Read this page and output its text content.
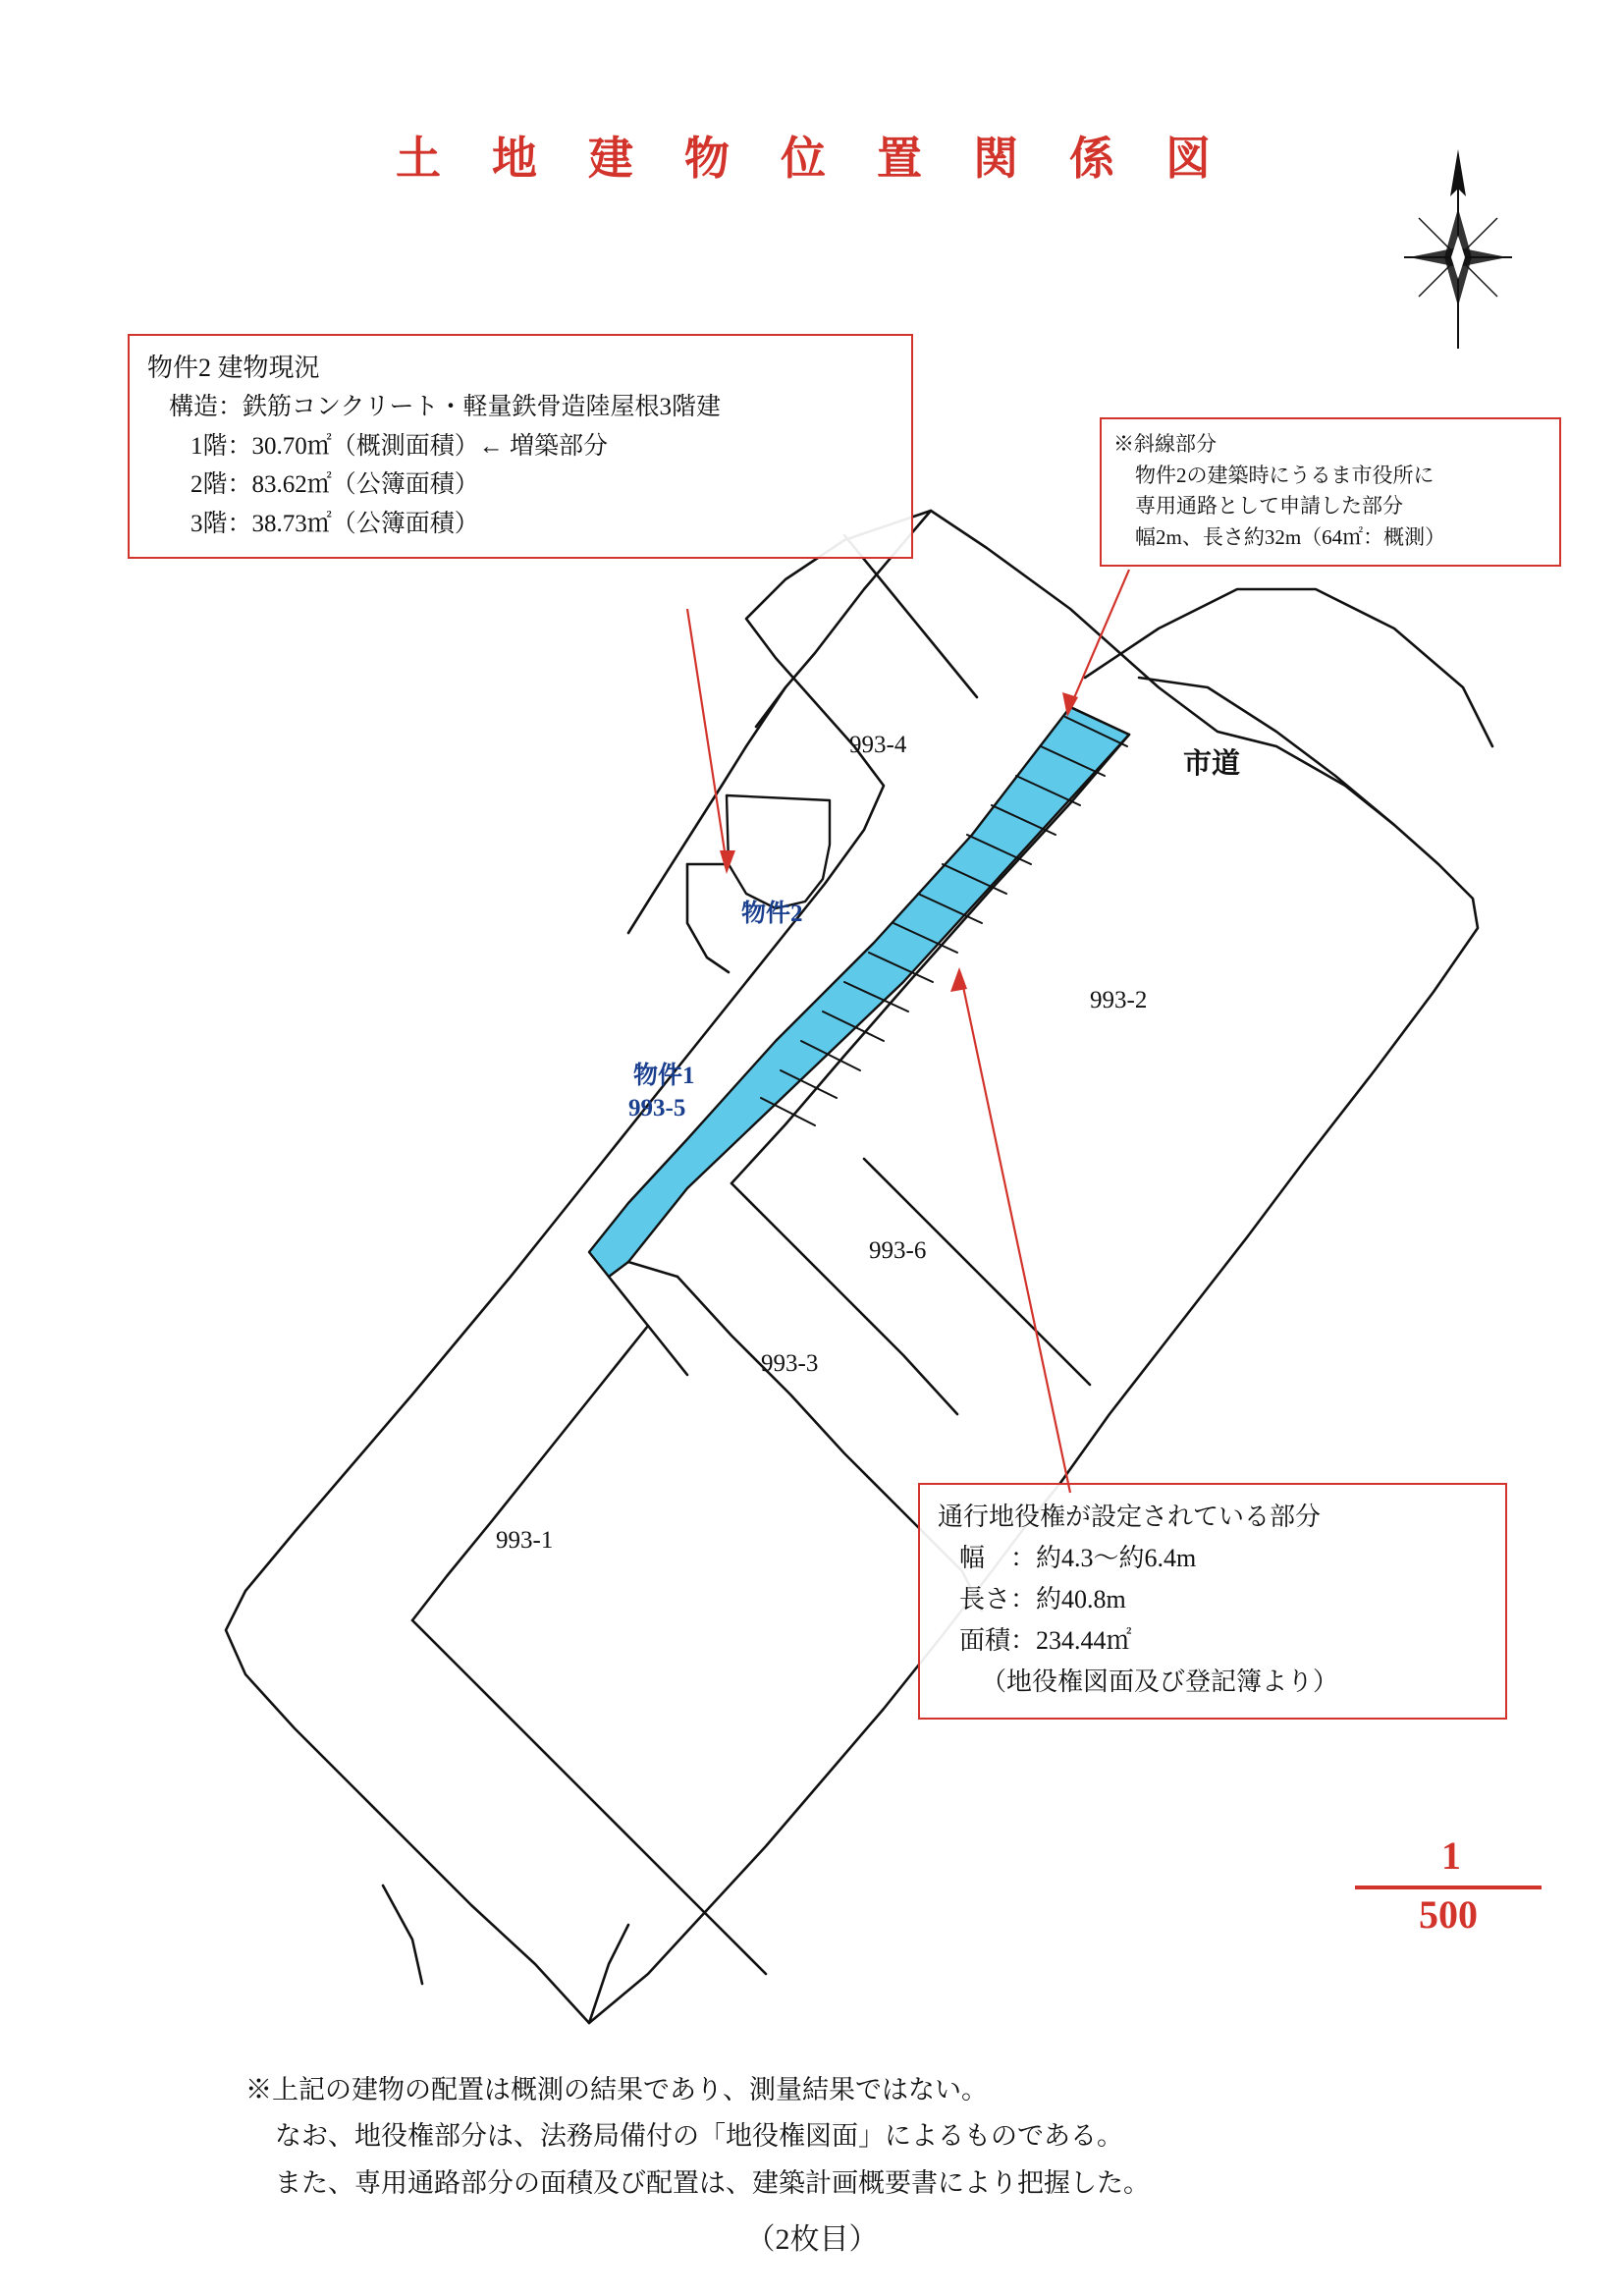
土 地 建 物 位 置 関 係 図
物件2 建物現況
構造：鉄筋コンクリート・軽量鉄骨造陸屋根3階建
1階：30.70㎡（概測面積）← 増築部分
2階：83.62㎡（公簿面積）
3階：38.73㎡（公簿面積）
※斜線部分
物件2の建築時にうるま市役所に
専用通路として申請した部分
幅2m、長さ約32m（64㎡：概測）
通行地役権が設定されている部分
幅　：約4.3〜約6.4m
長さ：約40.8m
面積：234.44㎡
（地役権図面及び登記簿より）
993-4
993-2
993-6
993-3
993-1
物件2
物件1
993-5
市道
1
500
※上記の建物の配置は概測の結果であり、測量結果ではない。
なお、地役権部分は、法務局備付の「地役権図面」によるものである。
また、専用通路部分の面積及び配置は、建築計画概要書により把握した。
（2枚目）
